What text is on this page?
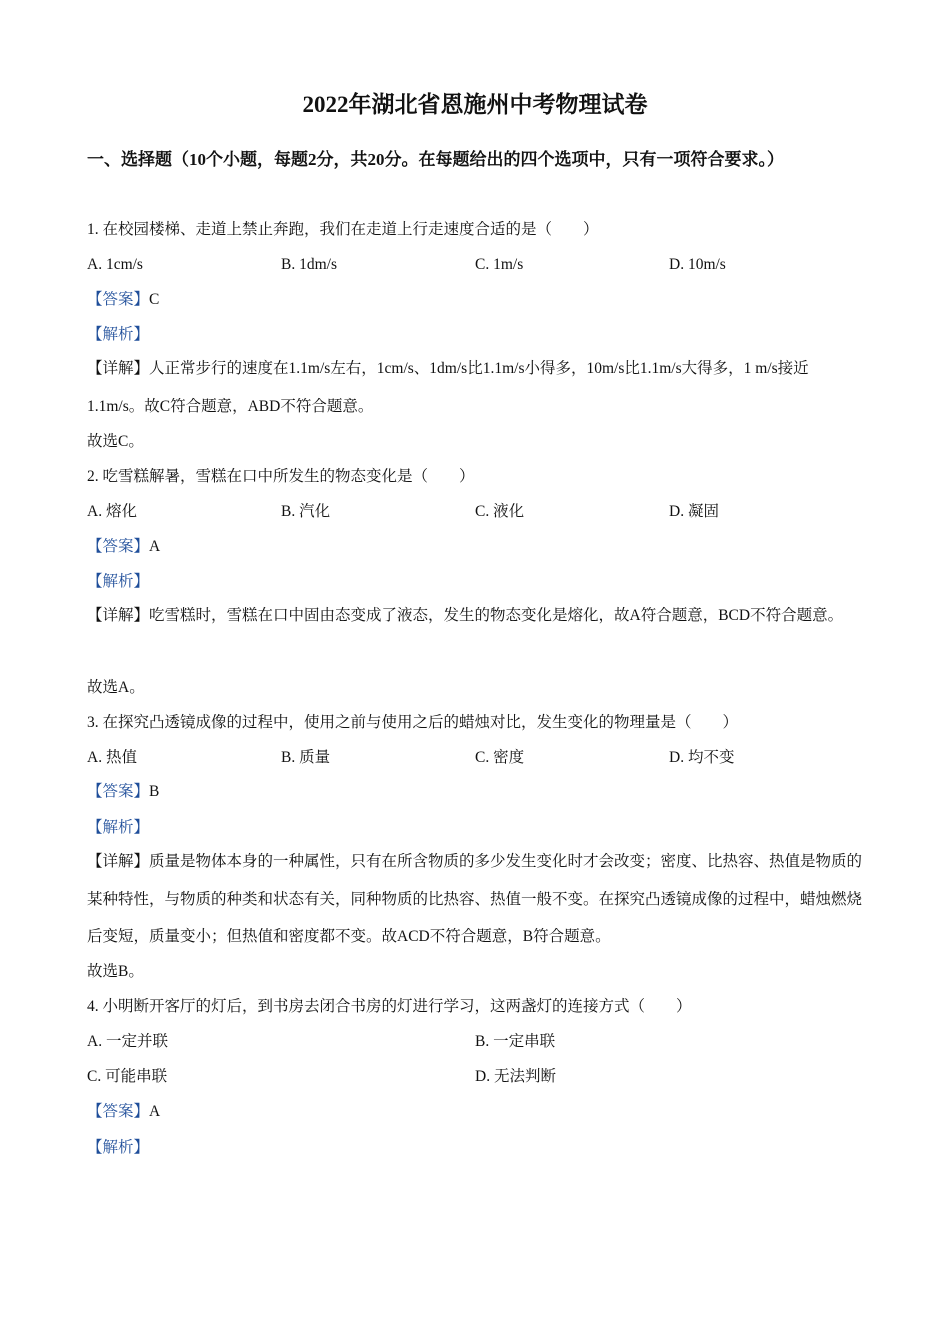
2022年湖北省恩施州中考物理试卷
一、选择题（10个小题，每题2分，共20分。在每题给出的四个选项中，只有一项符合要求。）
1. 在校园楼梯、走道上禁止奔跑，我们在走道上行走速度合适的是（　　）
A. 1cm/s	B. 1dm/s	C. 1m/s	D. 10m/s
【答案】C
【解析】
【详解】人正常步行的速度在1.1m/s左右，1cm/s、1dm/s比1.1m/s小得多，10m/s比1.1m/s大得多，1 m/s接近1.1m/s。故C符合题意，ABD不符合题意。
故选C。
2. 吃雪糕解暑，雪糕在口中所发生的物态变化是（　　）
A. 熔化	B. 汽化	C. 液化	D. 凝固
【答案】A
【解析】
【详解】吃雪糕时，雪糕在口中固由态变成了液态，发生的物态变化是熔化，故A符合题意，BCD不符合题意。
故选A。
3. 在探究凸透镜成像的过程中，使用之前与使用之后的蜡烛对比，发生变化的物理量是（　　）
A. 热值	B. 质量	C. 密度	D. 均不变
【答案】B
【解析】
【详解】质量是物体本身的一种属性，只有在所含物质的多少发生变化时才会改变；密度、比热容、热值是物质的某种特性，与物质的种类和状态有关，同种物质的比热容、热值一般不变。在探究凸透镜成像的过程中，蜡烛燃烧后变短，质量变小；但热值和密度都不变。故ACD不符合题意，B符合题意。
故选B。
4. 小明断开客厅的灯后，到书房去闭合书房的灯进行学习，这两盏灯的连接方式（　　）
A. 一定并联	B. 一定串联
C. 可能串联	D. 无法判断
【答案】A
【解析】
